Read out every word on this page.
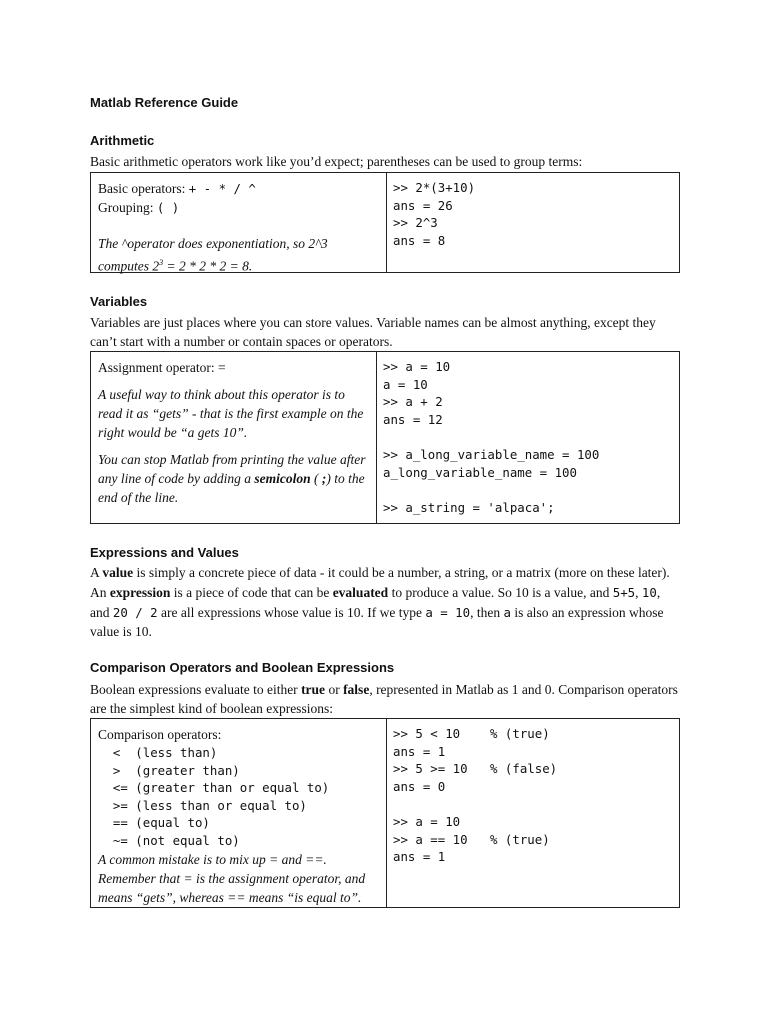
Matlab Reference Guide
Arithmetic
Basic arithmetic operators work like you’d expect; parentheses can be used to group terms:
Basic operators: + - * / ^
Grouping: ( )
The ^operator does exponentiation, so 2^3
computes $2^3 = 2 * 2 * 2 = 8$.
>> 2*(3+10)
ans = 26
>> 2^3
ans = 8
Variables
Variables are just places where you can store values. Variable names can be almost anything, except they can’t start with a number or contain spaces or operators.
Assignment operator: =
A useful way to think about this operator is to read it as “gets” - that is the first example on the right would be “a gets 10”.
You can stop Matlab from printing the value after any line of code by adding a semicolon ( ;) to the end of the line.
>> a = 10
a = 10
>> a + 2
ans = 12

>> a_long_variable_name = 100
a_long_variable_name = 100

>> a_string = 'alpaca';
Expressions and Values
A value is simply a concrete piece of data - it could be a number, a string, or a matrix (more on these later). An expression is a piece of code that can be evaluated to produce a value. So 10 is a value, and 5+5, 10, and 20 / 2 are all expressions whose value is 10. If we type a = 10, then a is also an expression whose value is 10.
Comparison Operators and Boolean Expressions
Boolean expressions evaluate to either true or false, represented in Matlab as 1 and 0. Comparison operators are the simplest kind of boolean expressions:
Comparison operators:
<  (less than)
>  (greater than)
<= (greater than or equal to)
>= (less than or equal to)
== (equal to)
~= (not equal to)
A common mistake is to mix up = and ==. Remember that = is the assignment operator, and means “gets”, whereas == means “is equal to”.
>> 5 < 10    % (true)
ans = 1
>> 5 >= 10   % (false)
ans = 0

>> a = 10
>> a == 10   % (true)
ans = 1
